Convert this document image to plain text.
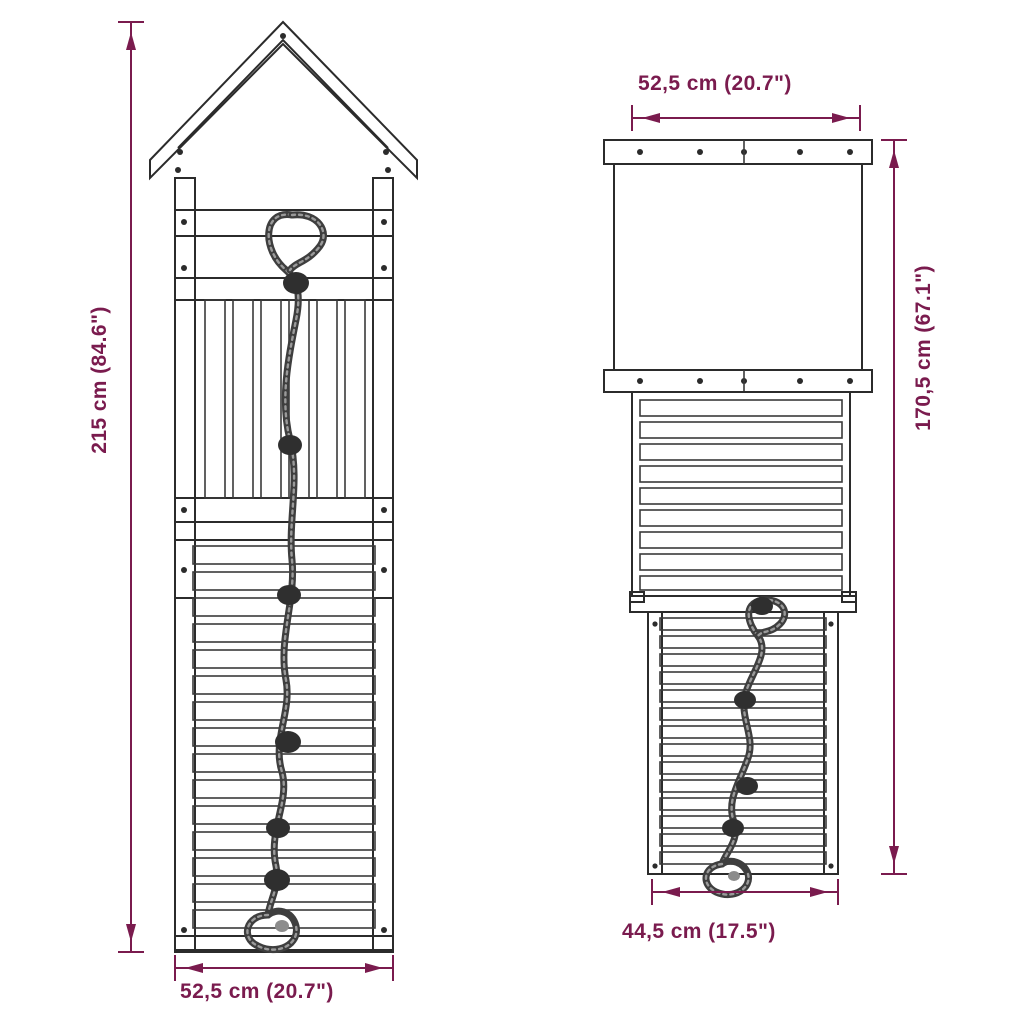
215 cm (84.6")
52,5 cm (20.7")
52,5 cm (20.7")
170,5 cm (67.1")
44,5 cm (17.5")
